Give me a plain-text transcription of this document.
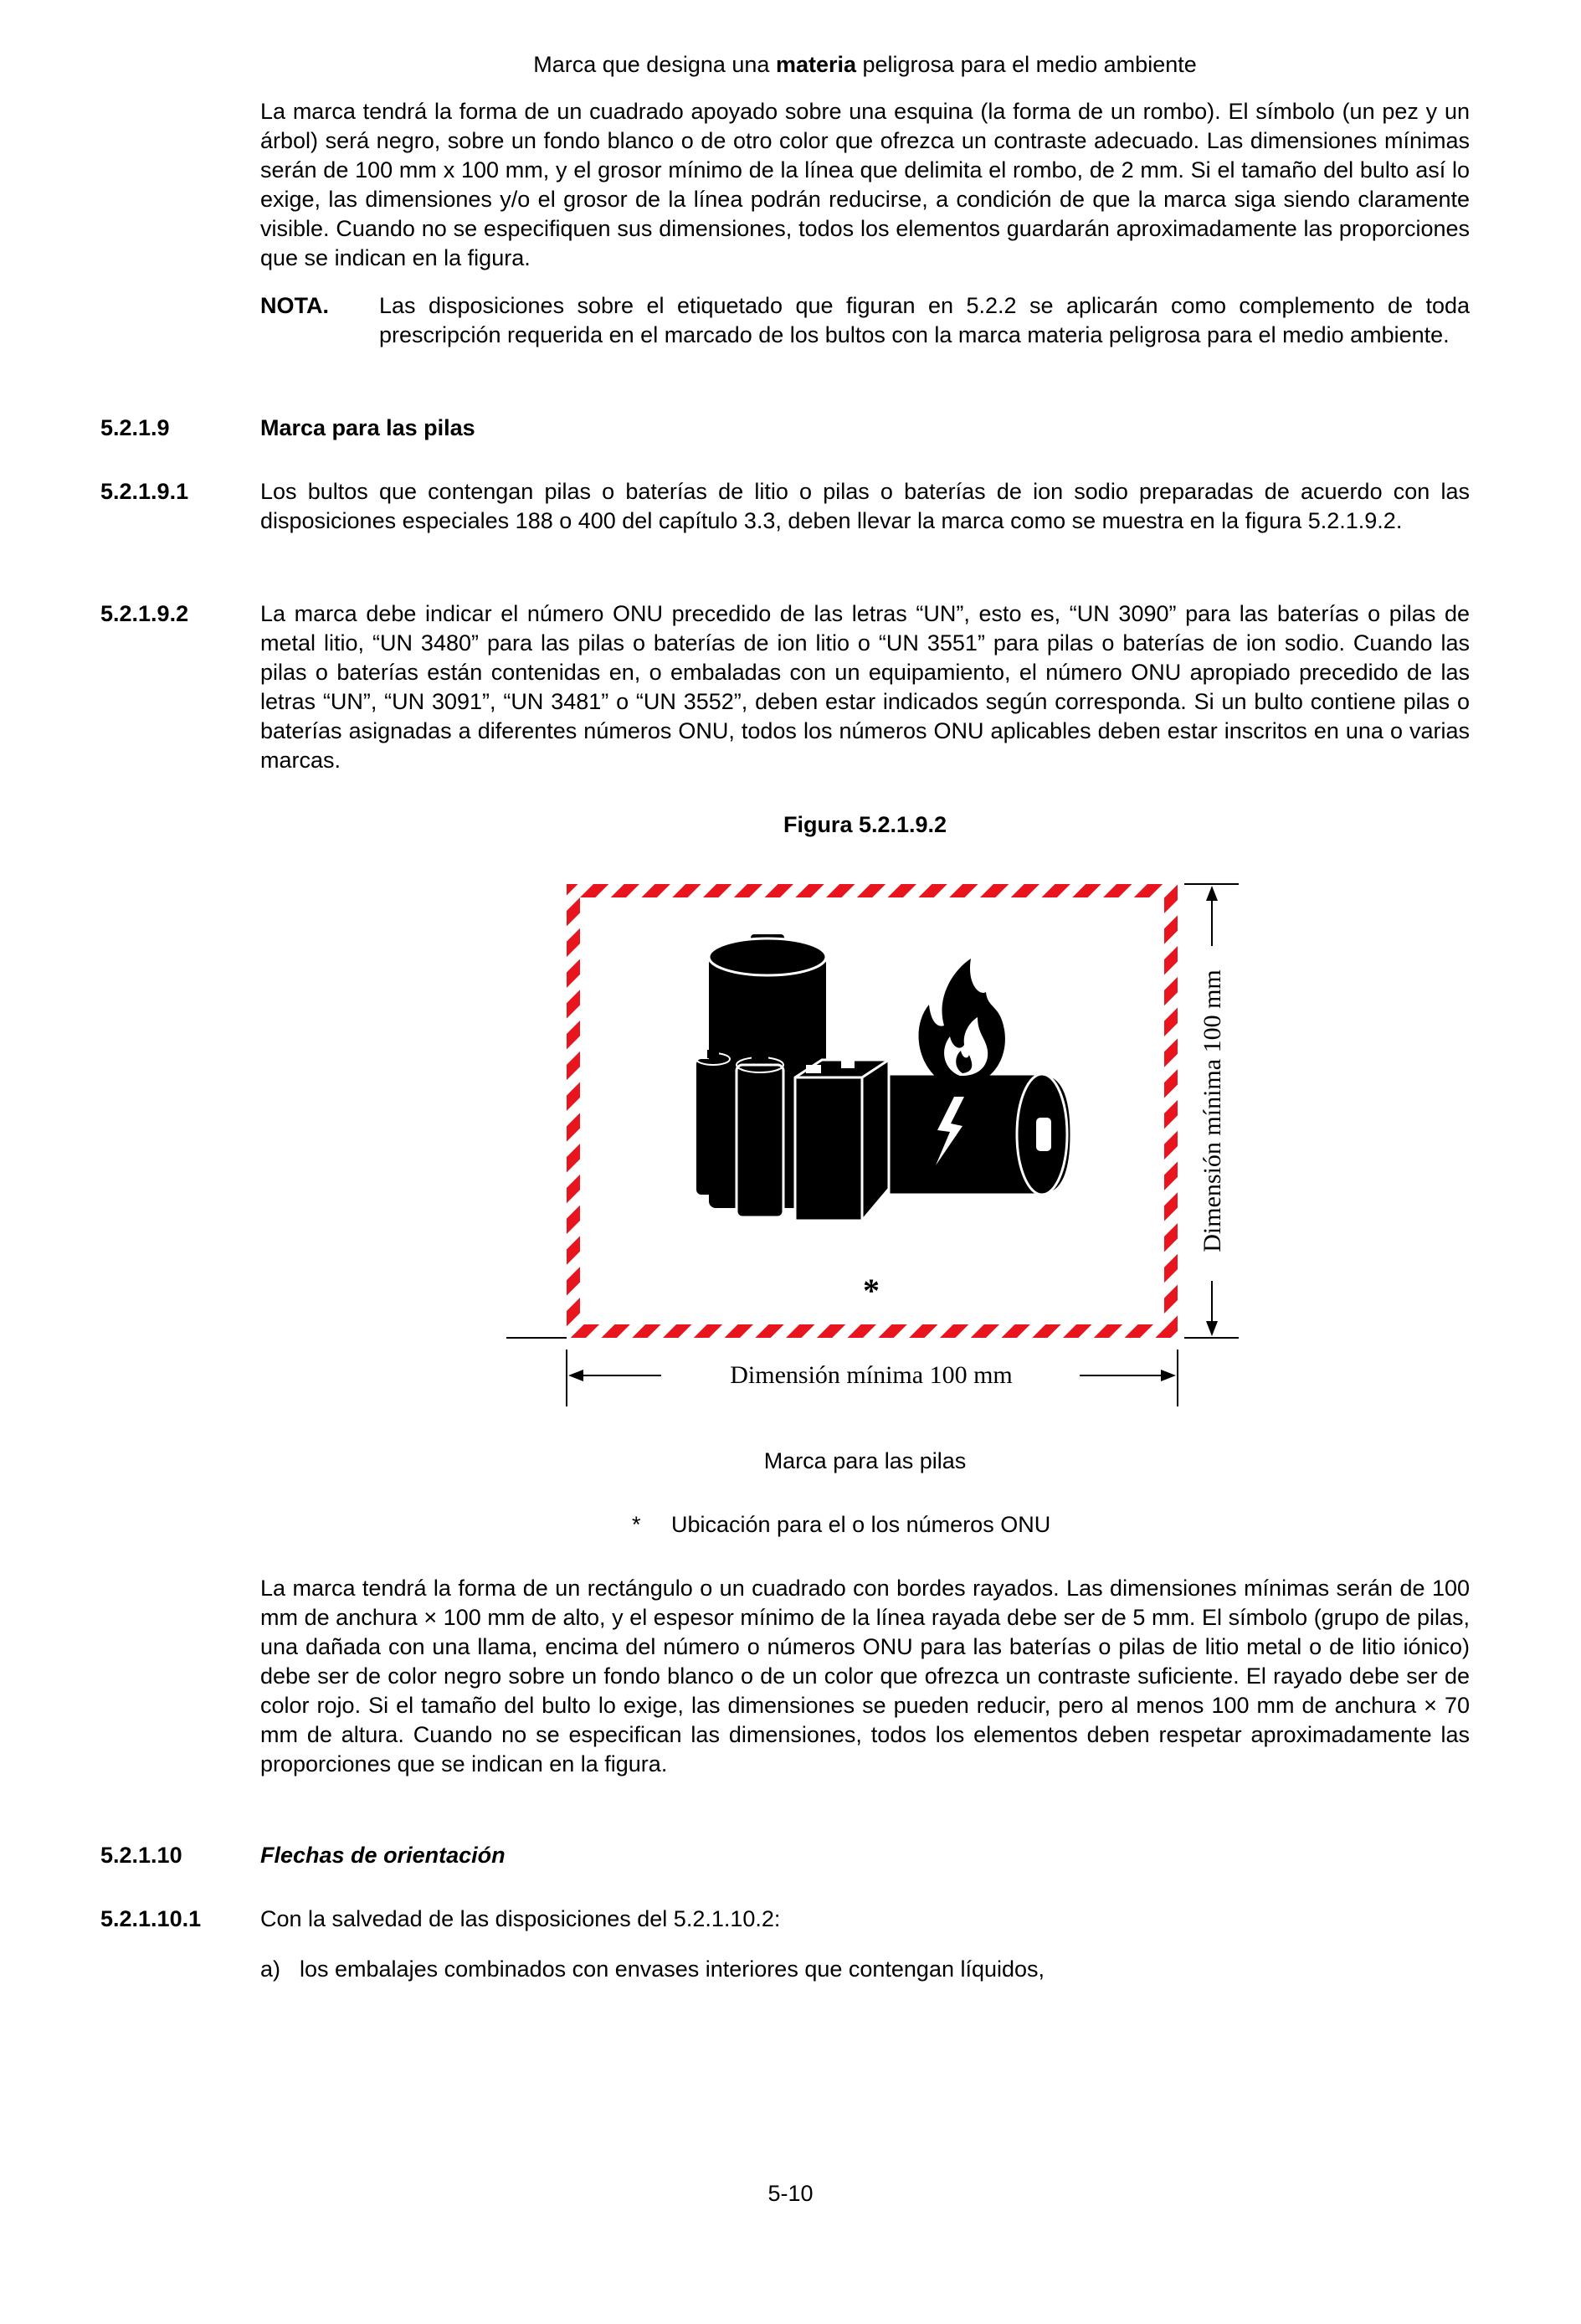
Marca que designa una materia peligrosa para el medio ambiente

La marca tendrá la forma de un cuadrado apoyado sobre una esquina (la forma de un rombo). El símbolo (un pez y un árbol) será negro, sobre un fondo blanco o de otro color que ofrezca un contraste adecuado. Las dimensiones mínimas serán de 100 mm x 100 mm, y el grosor mínimo de la línea que delimita el rombo, de 2 mm. Si el tamaño del bulto así lo exige, las dimensiones y/o el grosor de la línea podrán reducirse, a condición de que la marca siga siendo claramente visible. Cuando no se especifiquen sus dimensiones, todos los elementos guardarán aproximadamente las proporciones que se indican en la figura.

NOTA. Las disposiciones sobre el etiquetado que figuran en 5.2.2 se aplicarán como complemento de toda prescripción requerida en el marcado de los bultos con la marca materia peligrosa para el medio ambiente.

5.2.1.9	Marca para las pilas
5.2.1.9.1	Los bultos que contengan pilas o baterías de litio o pilas o baterías de ion sodio preparadas de acuerdo con las disposiciones especiales 188 o 400 del capítulo 3.3, deben llevar la marca como se muestra en la figura 5.2.1.9.2.

5.2.1.9.2	La marca debe indicar el número ONU precedido de las letras “UN”, esto es, “UN 3090” para las baterías o pilas de metal litio, “UN 3480” para las pilas o baterías de ion litio o “UN 3551” para pilas o baterías de ion sodio. Cuando las pilas o baterías están contenidas en, o embaladas con un equipamiento, el número ONU apropiado precedido de las letras “UN”, “UN 3091”, “UN 3481” o “UN 3552”, deben estar indicados según corresponda. Si un bulto contiene pilas o baterías asignadas a diferentes números ONU, todos los números ONU aplicables deben estar inscritos en una o varias marcas.

Figura 5.2.1.9.2
*
Dimensión mínima 100 mm
Dimensión mínima 100 mm
Marca para las pilas
* Ubicación para el o los números ONU

La marca tendrá la forma de un rectángulo o un cuadrado con bordes rayados. Las dimensiones mínimas serán de 100 mm de anchura × 100 mm de alto, y el espesor mínimo de la línea rayada debe ser de 5 mm. El símbolo (grupo de pilas, una dañada con una llama, encima del número o números ONU para las baterías o pilas de litio metal o de litio iónico) debe ser de color negro sobre un fondo blanco o de un color que ofrezca un contraste suficiente. El rayado debe ser de color rojo. Si el tamaño del bulto lo exige, las dimensiones se pueden reducir, pero al menos 100 mm de anchura × 70 mm de altura. Cuando no se especifican las dimensiones, todos los elementos deben respetar aproximadamente las proporciones que se indican en la figura.

5.2.1.10	Flechas de orientación
5.2.1.10.1	Con la salvedad de las disposiciones del 5.2.1.10.2:

a) los embalajes combinados con envases interiores que contengan líquidos,

5-10
